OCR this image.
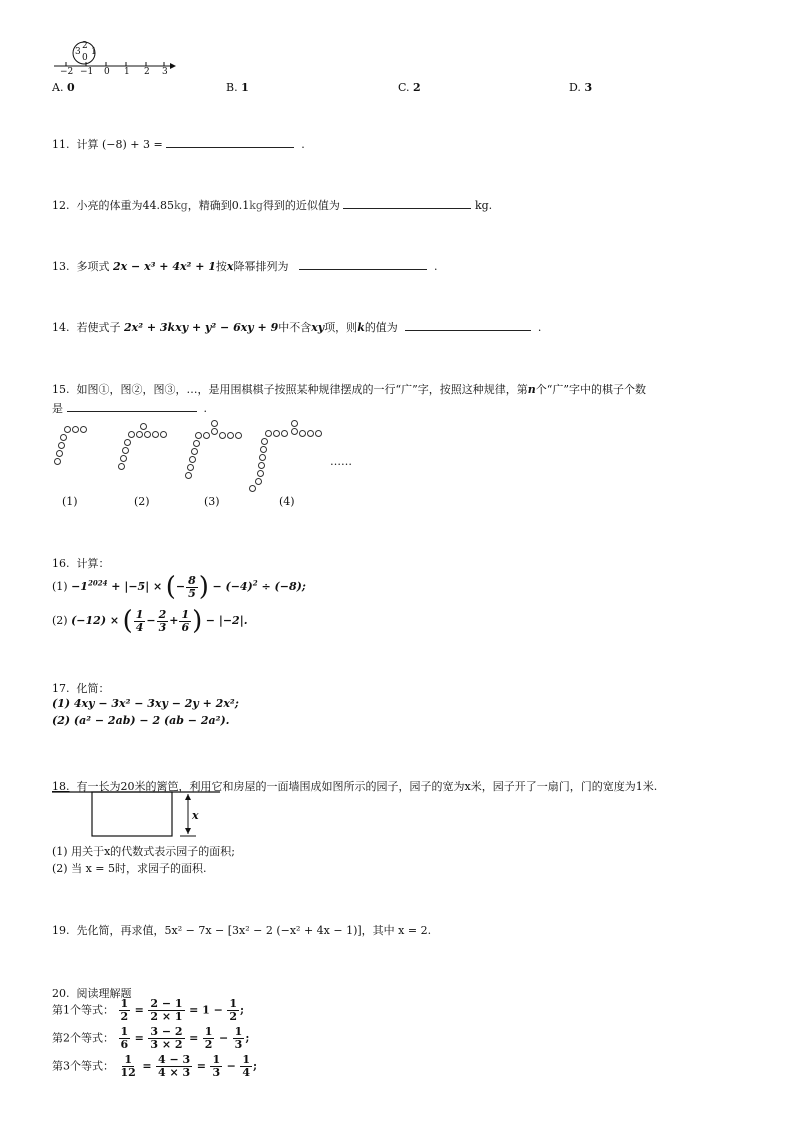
3
2
0
1
−2 −1 0 1 2 3
A. 0	B. 1	C. 2	D. 3
11. 计算 (−8) + 3 =	.
12. 小亮的体重为44.85kg，精确到0.1kg得到的近似值为	kg.
13. 多项式 2x − x³ + 4x² + 1按x降幂排列为	.
14. 若使式子 2x² + 3kxy + y² − 6xy + 9中不含xy项，则k的值为	.
15. 如图①，图②，图③，…，是用围棋棋子按照某种规律摆成的一行“广”字，按照这种规律，第n个“广”字中的棋子个数
是	.
……
(1)	(2)	(3)	(4)
16. 计算：
$(1) -1^{2024} + |-5|$ × (− $\frac{8}{5}$ ) − $(-4)^2 \div (-8)$;
(2) (−12) × ( $\frac{1}{4} - \frac{2}{3} + \frac{1}{6}$ ) − |−2|.
17. 化简：
(1) 4xy − 3x² − 3xy − 2y + 2x²;
(2) (a² − 2ab) − 2 (ab − 2a²).
18. 有一长为20米的篱笆，利用它和房屋的一面墙围成如图所示的园子，园子的宽为x米，园子开了一扇门，门的宽度为1米.
x
(1) 用关于x的代数式表示园子的面积;
(2) 当 x = 5时，求园子的面积.
19. 先化简，再求值，5x² − 7x − [3x² − 2 (−x² + 4x − 1)]，其中 x = 2.
20. 阅读理解题
第1个等式： $\frac{1}{2} = \frac{2 - 1}{2 \times 1} = 1 - \frac{1}{2}$ ;
第2个等式： $\frac{1}{6} = \frac{3 - 2}{3 \times 2} = \frac{1}{2} - \frac{1}{3}$ ;
第3个等式： $\frac{1}{12} = \frac{4 - 3}{4 \times 3} = \frac{1}{3} - \frac{1}{4}$ ;
